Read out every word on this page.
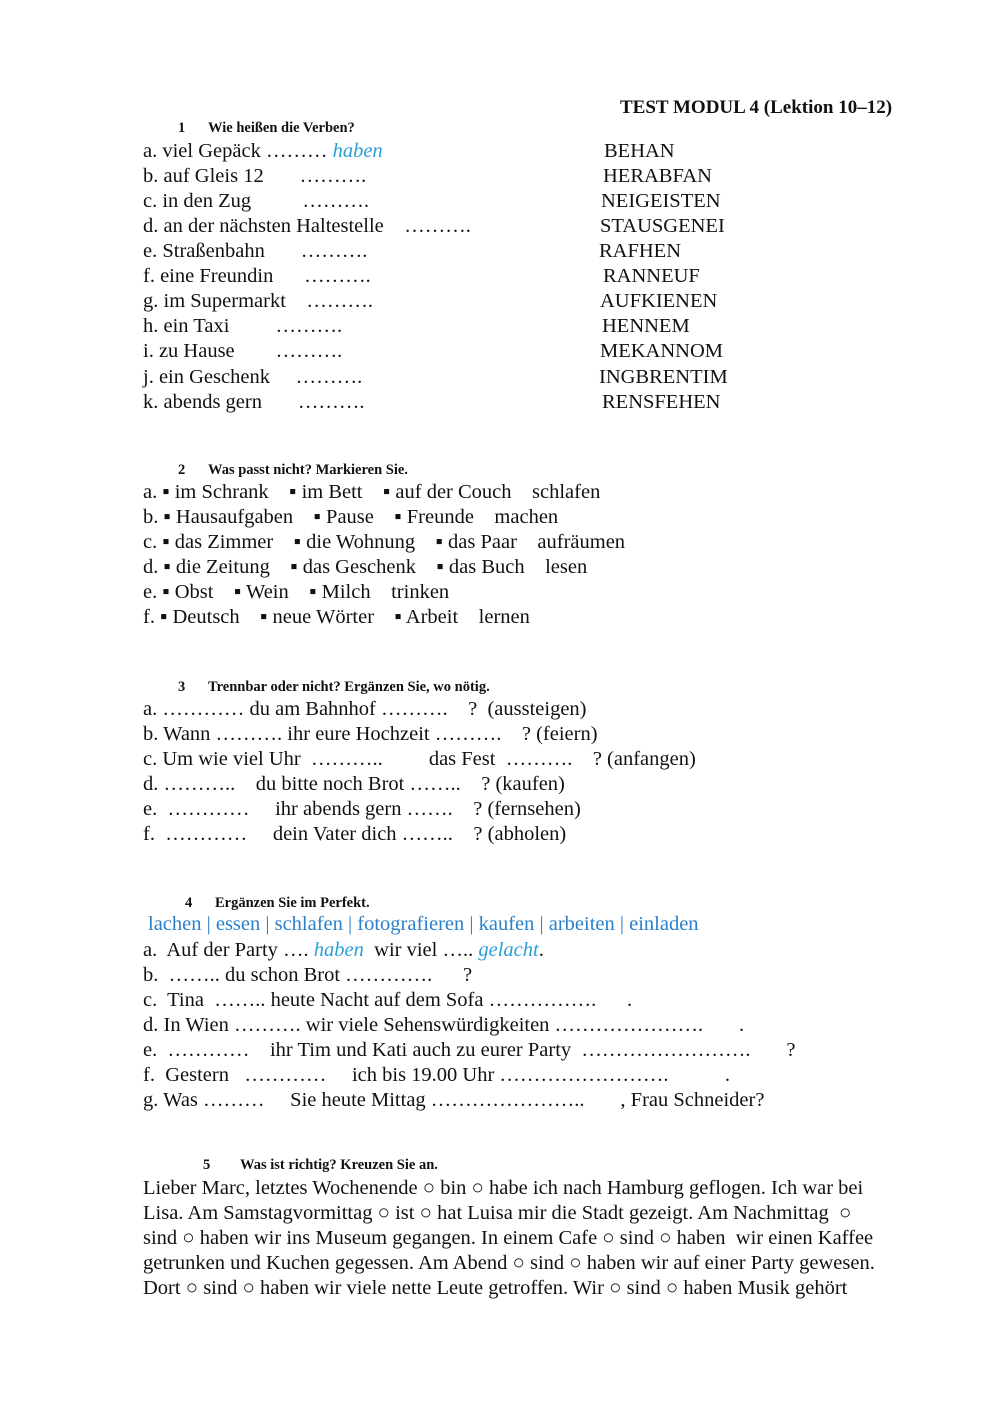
TEST MODUL 4 (Lektion 10–12)
1 Wie heißen die Verben?
a. viel Gepäck ……… haben	BEHAN
b. auf Gleis 12       ……….	HERABFAN
c. in den Zug          ……….	NEIGEISTEN
d. an der nächsten Haltestelle    ……….	STAUSGENEI
e. Straßenbahn       ……….	RAFHEN
f. eine Freundin      ……….	RANNEUF
g. im Supermarkt    ……….	AUFKIENEN
h. ein Taxi         ……….	HENNEM
i. zu Hause        ……….	MEKANNOM
j. ein Geschenk     ……….	INGBRENTIM
k. abends gern       ……….	RENSFEHEN
2 Was passt nicht? Markieren Sie.
a. ▪ im Schrank    ▪ im Bett    ▪ auf der Couch    schlafen
b. ▪ Hausaufgaben    ▪ Pause    ▪ Freunde    machen
c. ▪ das Zimmer    ▪ die Wohnung    ▪ das Paar    aufräumen
d. ▪ die Zeitung    ▪ das Geschenk    ▪ das Buch    lesen
e. ▪ Obst    ▪ Wein    ▪ Milch    trinken
f. ▪ Deutsch    ▪ neue Wörter    ▪ Arbeit    lernen
3 Trennbar oder nicht? Ergänzen Sie, wo nötig.
a. ………… du am Bahnhof ……….    ?  (aussteigen)
b. Wann ………. ihr eure Hochzeit ……….    ? (feiern)
c. Um wie viel Uhr  ………..         das Fest  ……….    ? (anfangen)
d. ………..    du bitte noch Brot ……..    ? (kaufen)
e.  …………     ihr abends gern …….    ? (fernsehen)
f.  …………     dein Vater dich ……..    ? (abholen)
4 Ergänzen Sie im Perfekt.
lachen | essen | schlafen | fotografieren | kaufen | arbeiten | einladen
a.  Auf der Party …. haben  wir viel ….. gelacht.
b.  …….. du schon Brot ………….      ?
c.  Tina  …….. heute Nacht auf dem Sofa …………….      .
d. In Wien ………. wir viele Sehenswürdigkeiten ………………….       .
e.  …………    ihr Tim und Kati auch zu eurer Party  …………………….       ?
f.  Gestern   …………     ich bis 19.00 Uhr …………………….           .
g. Was ………     Sie heute Mittag …………………..       , Frau Schneider?
5 Was ist richtig? Kreuzen Sie an.
Lieber Marc, letztes Wochenende ○ bin ○ habe ich nach Hamburg geflogen. Ich war bei
Lisa. Am Samstagvormittag ○ ist ○ hat Luisa mir die Stadt gezeigt. Am Nachmittag  ○
sind ○ haben wir ins Museum gegangen. In einem Cafe ○ sind ○ haben  wir einen Kaffee
getrunken und Kuchen gegessen. Am Abend ○ sind ○ haben wir auf einer Party gewesen.
Dort ○ sind ○ haben wir viele nette Leute getroffen. Wir ○ sind ○ haben Musik gehört
